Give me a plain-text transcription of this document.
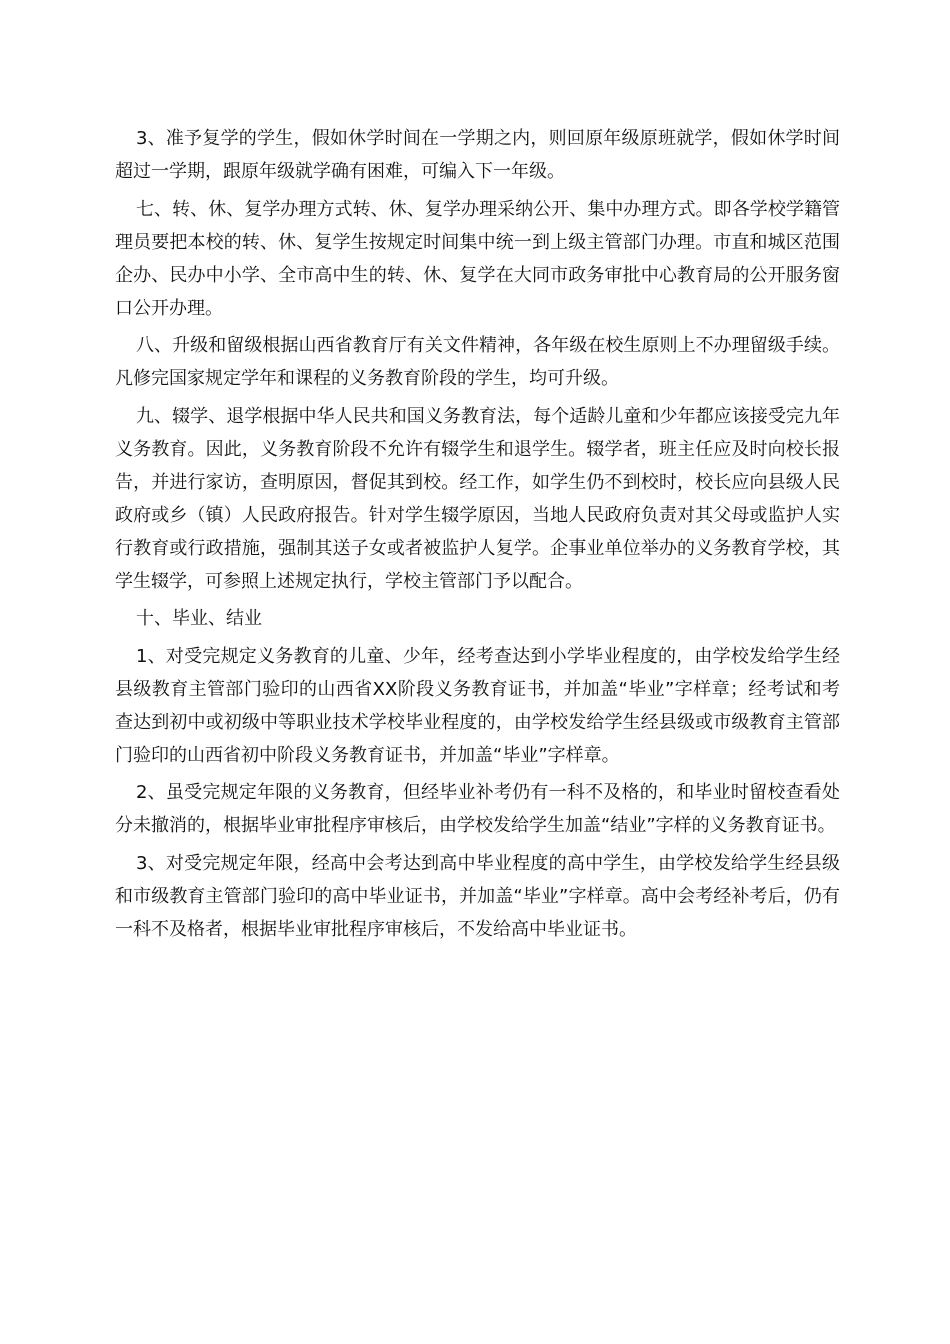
3、准予复学的学生，假如休学时间在一学期之内，则回原年级原班就学，假如休学时间超过一学期，跟原年级就学确有困难，可编入下一年级。

七、转、休、复学办理方式转、休、复学办理采纳公开、集中办理方式。即各学校学籍管理员要把本校的转、休、复学生按规定时间集中统一到上级主管部门办理。市直和城区范围企办、民办中小学、全市高中生的转、休、复学在大同市政务审批中心教育局的公开服务窗口公开办理。

八、升级和留级根据山西省教育厅有关文件精神，各年级在校生原则上不办理留级手续。凡修完国家规定学年和课程的义务教育阶段的学生，均可升级。

九、辍学、退学根据中华人民共和国义务教育法，每个适龄儿童和少年都应该接受完九年义务教育。因此，义务教育阶段不允许有辍学生和退学生。辍学者，班主任应及时向校长报告，并进行家访，查明原因，督促其到校。经工作，如学生仍不到校时，校长应向县级人民政府或乡（镇）人民政府报告。针对学生辍学原因，当地人民政府负责对其父母或监护人实行教育或行政措施，强制其送子女或者被监护人复学。企事业单位举办的义务教育学校，其学生辍学，可参照上述规定执行，学校主管部门予以配合。

十、毕业、结业

1、对受完规定义务教育的儿童、少年，经考查达到小学毕业程度的，由学校发给学生经县级教育主管部门验印的山西省XX阶段义务教育证书，并加盖“毕业”字样章；经考试和考查达到初中或初级中等职业技术学校毕业程度的，由学校发给学生经县级或市级教育主管部门验印的山西省初中阶段义务教育证书，并加盖“毕业”字样章。

2、虽受完规定年限的义务教育，但经毕业补考仍有一科不及格的，和毕业时留校查看处分未撤消的，根据毕业审批程序审核后，由学校发给学生加盖“结业”字样的义务教育证书。

3、对受完规定年限，经高中会考达到高中毕业程度的高中学生，由学校发给学生经县级和市级教育主管部门验印的高中毕业证书，并加盖“毕业”字样章。高中会考经补考后，仍有一科不及格者，根据毕业审批程序审核后，不发给高中毕业证书。
